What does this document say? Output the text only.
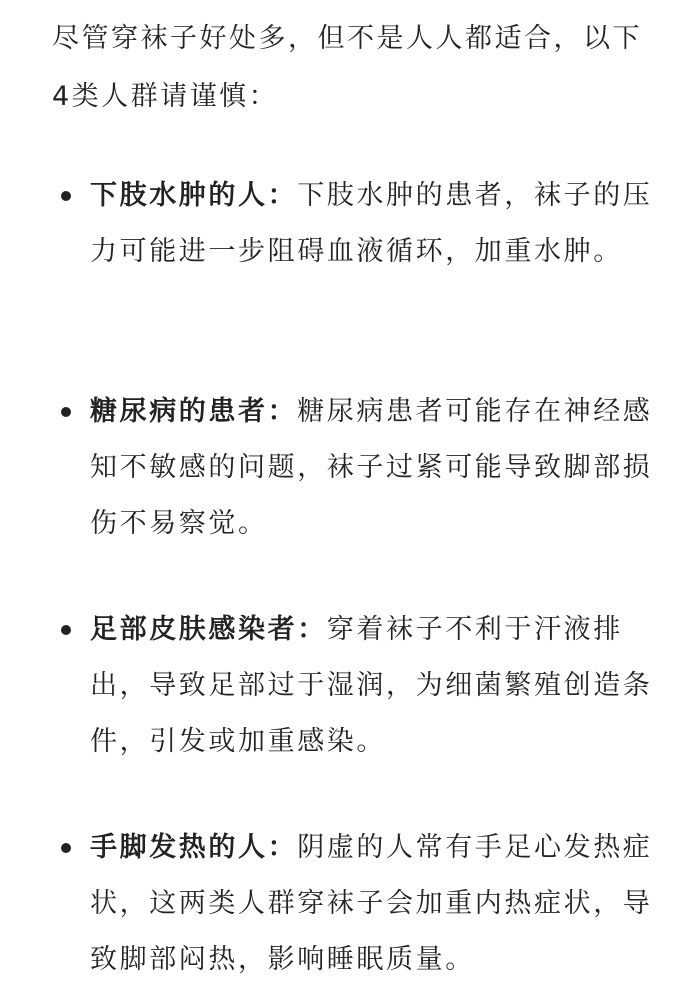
尽管穿袜子好处多，但不是人人都适合，以下4类人群请谨慎：

下肢水肿的人：下肢水肿的患者，袜子的压力可能进一步阻碍血液循环，加重水肿。
糖尿病的患者：糖尿病患者可能存在神经感知不敏感的问题，袜子过紧可能导致脚部损伤不易察觉。
足部皮肤感染者：穿着袜子不利于汗液排出，导致足部过于湿润，为细菌繁殖创造条件，引发或加重感染。
手脚发热的人：阴虚的人常有手足心发热症状，这两类人群穿袜子会加重内热症状，导致脚部闷热，影响睡眠质量。
